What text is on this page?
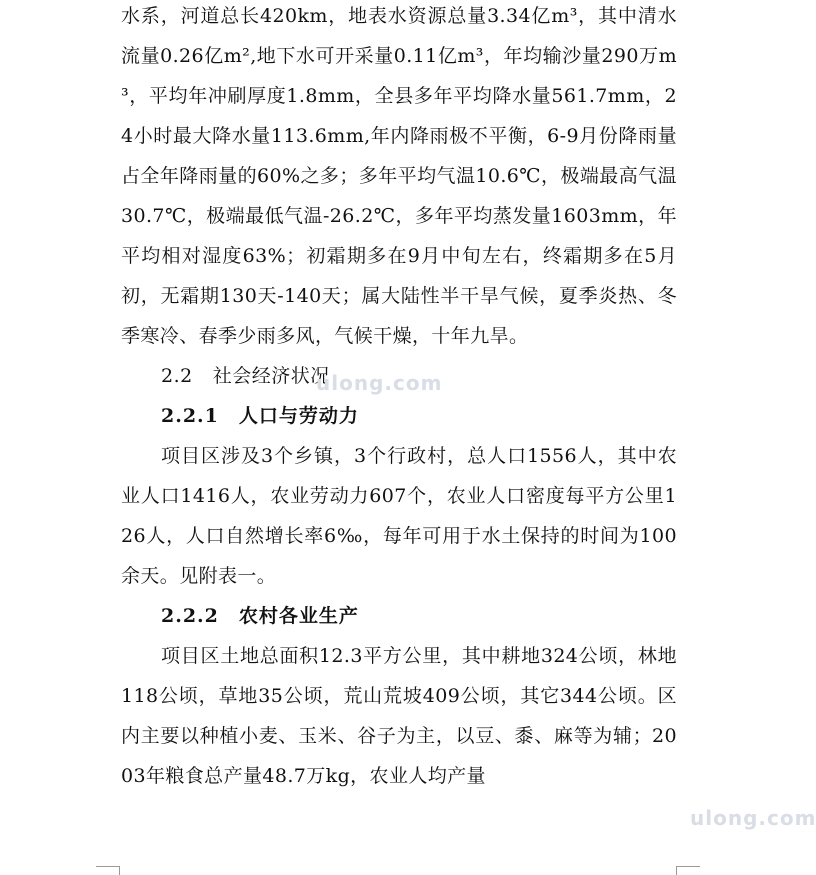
水系，河道总长420km，地表水资源总量3.34亿m³，其中清水流量0.26亿m²,地下水可开采量0.11亿m³，年均输沙量290万m³，平均年冲刷厚度1.8mm，全县多年平均降水量561.7mm，24小时最大降水量113.6mm,年内降雨极不平衡，6-9月份降雨量占全年降雨量的60%之多；多年平均气温10.6℃，极端最高气温30.7℃，极端最低气温-26.2℃，多年平均蒸发量1603mm，年平均相对湿度63%；初霜期多在9月中旬左右，终霜期多在5月初，无霜期130天-140天；属大陆性半干旱气候，夏季炎热、冬季寒冷、春季少雨多风，气候干燥，十年九旱。

2.2 社会经济状况
2.2.1 人口与劳动力

项目区涉及3个乡镇，3个行政村，总人口1556人，其中农业人口1416人，农业劳动力607个，农业人口密度每平方公里126人，人口自然增长率6‰，每年可用于水土保持的时间为100余天。见附表一。

2.2.2 农村各业生产

项目区土地总面积12.3平方公里，其中耕地324公顷，林地118公顷，草地35公顷，荒山荒坡409公顷，其它344公顷。区内主要以种植小麦、玉米、谷子为主，以豆、黍、麻等为辅；2003年粮食总产量48.7万kg，农业人均产量

ulong.com
ulong.com
